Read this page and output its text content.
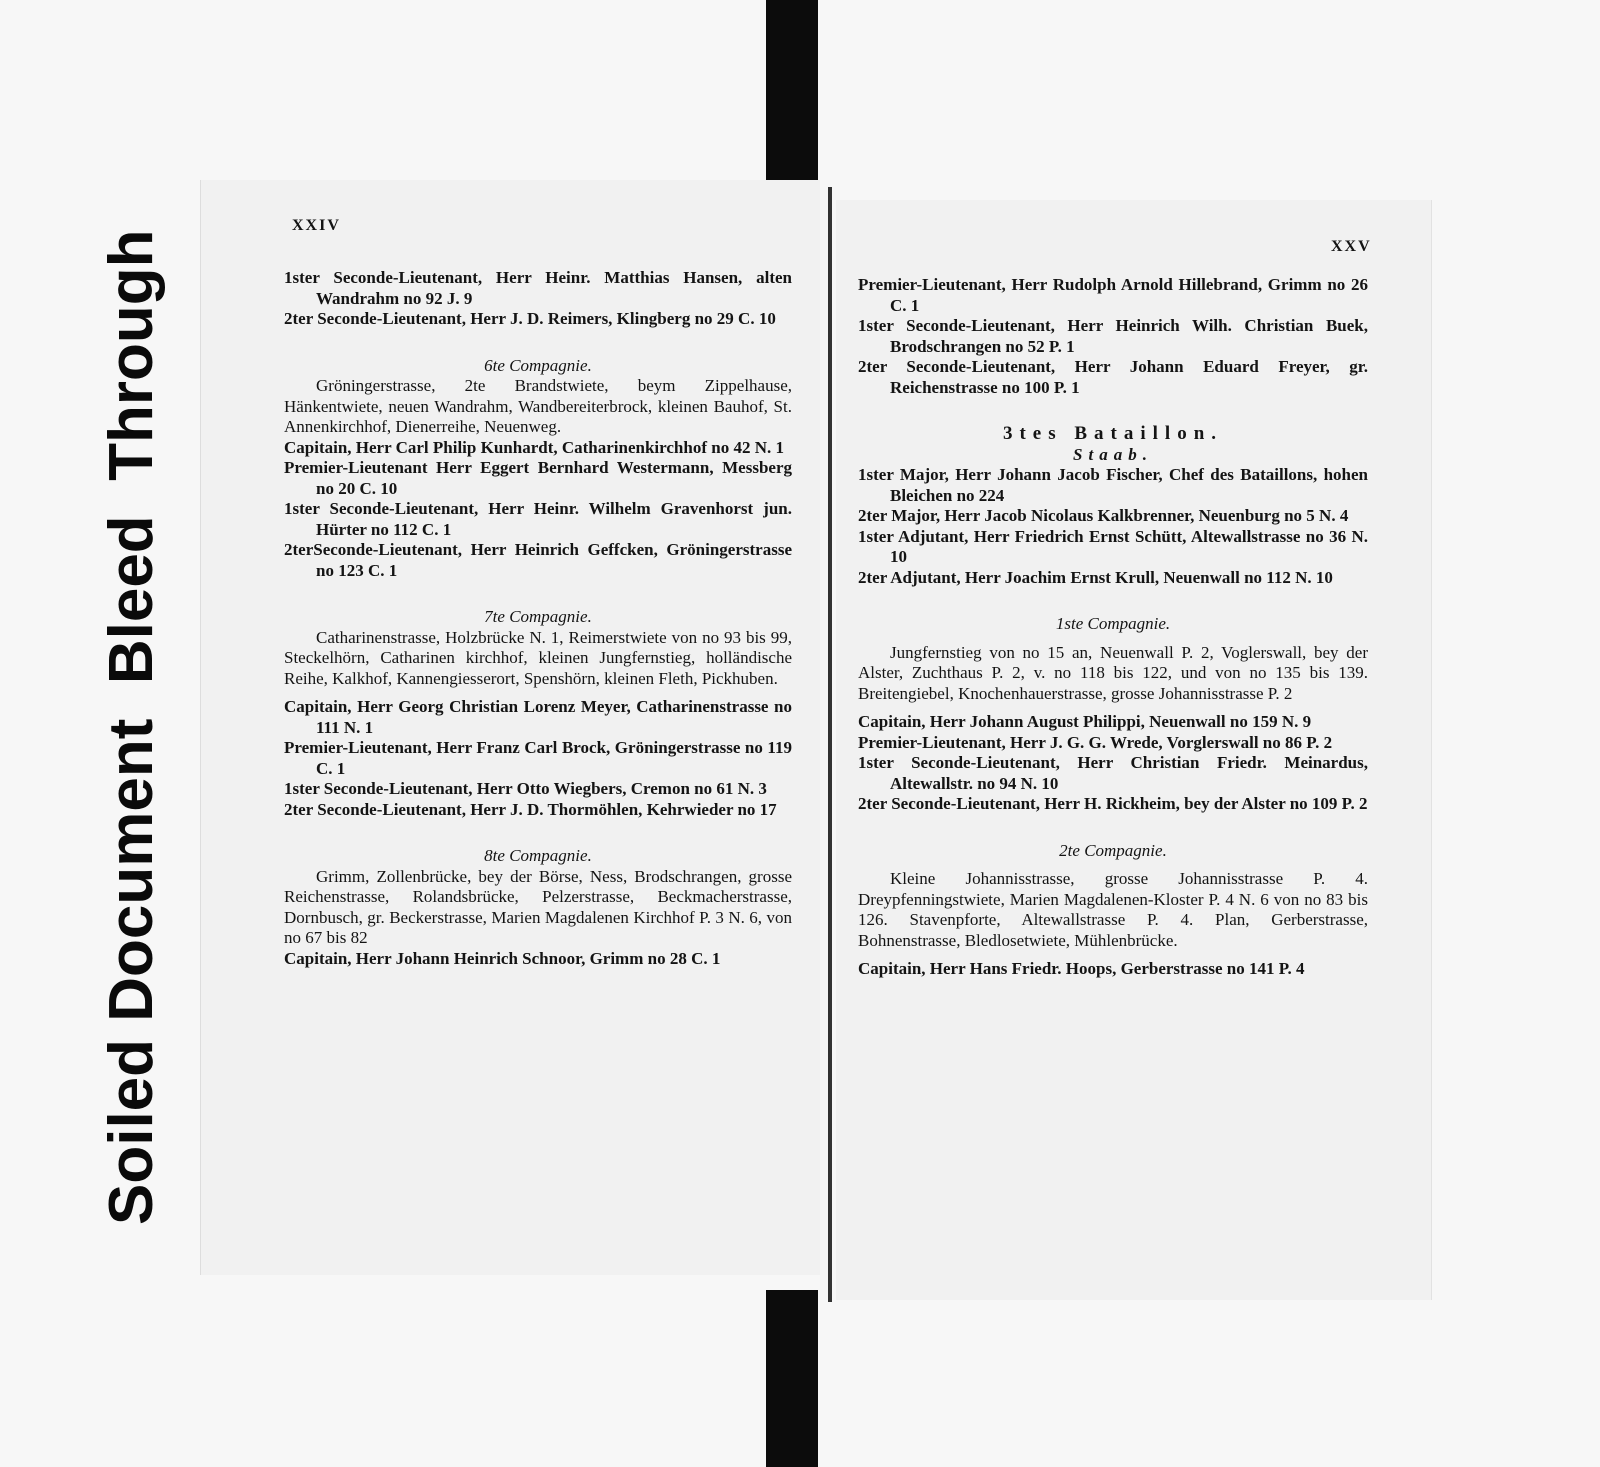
Soiled Document  Bleed  Through
XXIV
XXV

1ster Seconde-Lieutenant, Herr Heinr. Matthias Hansen, alten Wandrahm no 92 J. 9

2ter Seconde-Lieutenant, Herr J. D. Reimers, Klingberg no 29 C. 10

6te Compagnie.

Gröningerstrasse, 2te Brandstwiete, beym Zippelhause, Hänkentwiete, neuen Wandrahm, Wandbereiterbrock, kleinen Bauhof, St. Annenkirchhof, Dienerreihe, Neuenweg.

Capitain, Herr Carl Philip Kunhardt, Catharinenkirchhof no 42 N. 1

Premier-Lieutenant Herr Eggert Bernhard Westermann, Messberg no 20 C. 10

1ster Seconde-Lieutenant, Herr Heinr. Wilhelm Gravenhorst jun. Hürter no 112 C. 1

2terSeconde-Lieutenant, Herr Heinrich Geffcken, Gröningerstrasse no 123 C. 1

7te Compagnie.

Catharinenstrasse, Holzbrücke N. 1, Reimerstwiete von no 93 bis 99, Steckelhörn, Catharinen kirchhof, kleinen Jungfernstieg, holländische Reihe, Kalkhof, Kannengiesserort, Spenshörn, kleinen Fleth, Pickhuben.

Capitain, Herr Georg Christian Lorenz Meyer, Catharinenstrasse no 111 N. 1

Premier-Lieutenant, Herr Franz Carl Brock, Gröningerstrasse no 119 C. 1

1ster Seconde-Lieutenant, Herr Otto Wiegbers, Cremon no 61 N. 3

2ter Seconde-Lieutenant, Herr J. D. Thormöhlen, Kehrwieder no 17

8te Compagnie.

Grimm, Zollenbrücke, bey der Börse, Ness, Brodschrangen, grosse Reichenstrasse, Rolandsbrücke, Pelzerstrasse, Beckmacherstrasse, Dornbusch, gr. Beckerstrasse, Marien Magdalenen Kirchhof P. 3 N. 6, von no 67 bis 82

Capitain, Herr Johann Heinrich Schnoor, Grimm no 28 C. 1

Premier-Lieutenant, Herr Rudolph Arnold Hillebrand, Grimm no 26 C. 1

1ster Seconde-Lieutenant, Herr Heinrich Wilh. Christian Buek, Brodschrangen no 52 P. 1

2ter Seconde-Lieutenant, Herr Johann Eduard Freyer, gr. Reichenstrasse no 100 P. 1

3tes Bataillon.
Staab.

1ster Major, Herr Johann Jacob Fischer, Chef des Bataillons, hohen Bleichen no 224

2ter Major, Herr Jacob Nicolaus Kalkbrenner, Neuenburg no 5 N. 4

1ster Adjutant, Herr Friedrich Ernst Schütt, Altewallstrasse no 36 N. 10

2ter Adjutant, Herr Joachim Ernst Krull, Neuenwall no 112 N. 10

1ste Compagnie.

Jungfernstieg von no 15 an, Neuenwall P. 2, Voglerswall, bey der Alster, Zuchthaus P. 2, v. no 118 bis 122, und von no 135 bis 139. Breitengiebel, Knochenhauerstrasse, grosse Johannisstrasse P. 2

Capitain, Herr Johann August Philippi, Neuenwall no 159 N. 9

Premier-Lieutenant, Herr J. G. G. Wrede, Vorglerswall no 86 P. 2

1ster Seconde-Lieutenant, Herr Christian Friedr. Meinardus, Altewallstr. no 94 N. 10

2ter Seconde-Lieutenant, Herr H. Rickheim, bey der Alster no 109 P. 2

2te Compagnie.

Kleine Johannisstrasse, grosse Johannisstrasse P. 4. Dreypfenningstwiete, Marien Magdalenen-Kloster P. 4 N. 6 von no 83 bis 126. Stavenpforte, Altewallstrasse P. 4. Plan, Gerberstrasse, Bohnenstrasse, Bledlosetwiete, Mühlenbrücke.

Capitain, Herr Hans Friedr. Hoops, Gerberstrasse no 141 P. 4
